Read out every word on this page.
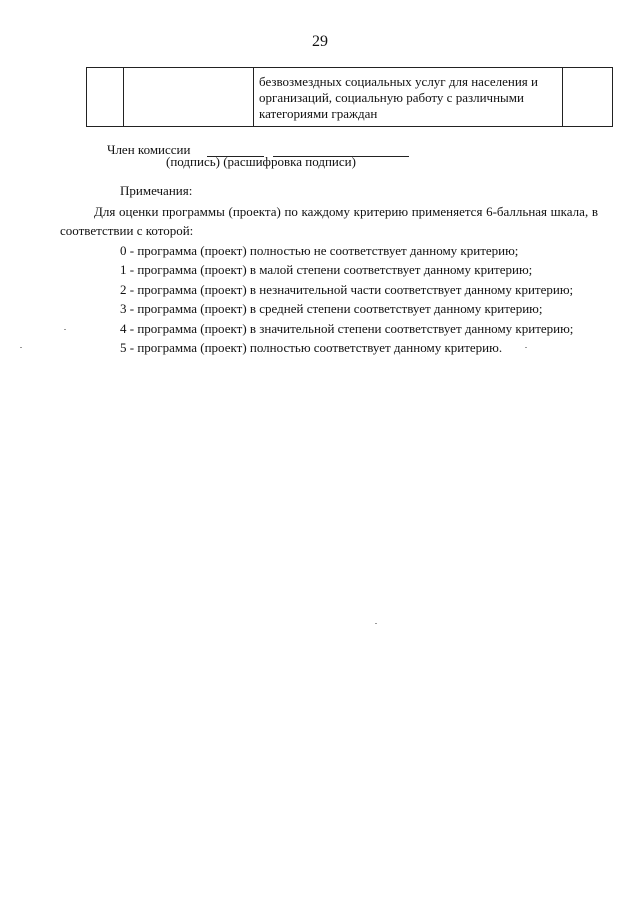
29

безвозмездных социальных услуг для населения и организаций, социальную работу с различными категориями граждан

Член комиссии
(подпись) (расшифровка подписи)

Примечания:

Для оценки программы (проекта) по каждому критерию применяется 6-балльная шкала, в соответствии с которой:

0 - программа (проект) полностью не соответствует данному критерию;

1 - программа (проект) в малой степени соответствует данному критерию;

2 - программа (проект) в незначительной части соответствует данному критерию;

3 - программа (проект) в средней степени соответствует данному критерию;

4 - программа (проект) в значительной степени соответствует данному критерию;

5 - программа (проект) полностью соответствует данному критерию.
